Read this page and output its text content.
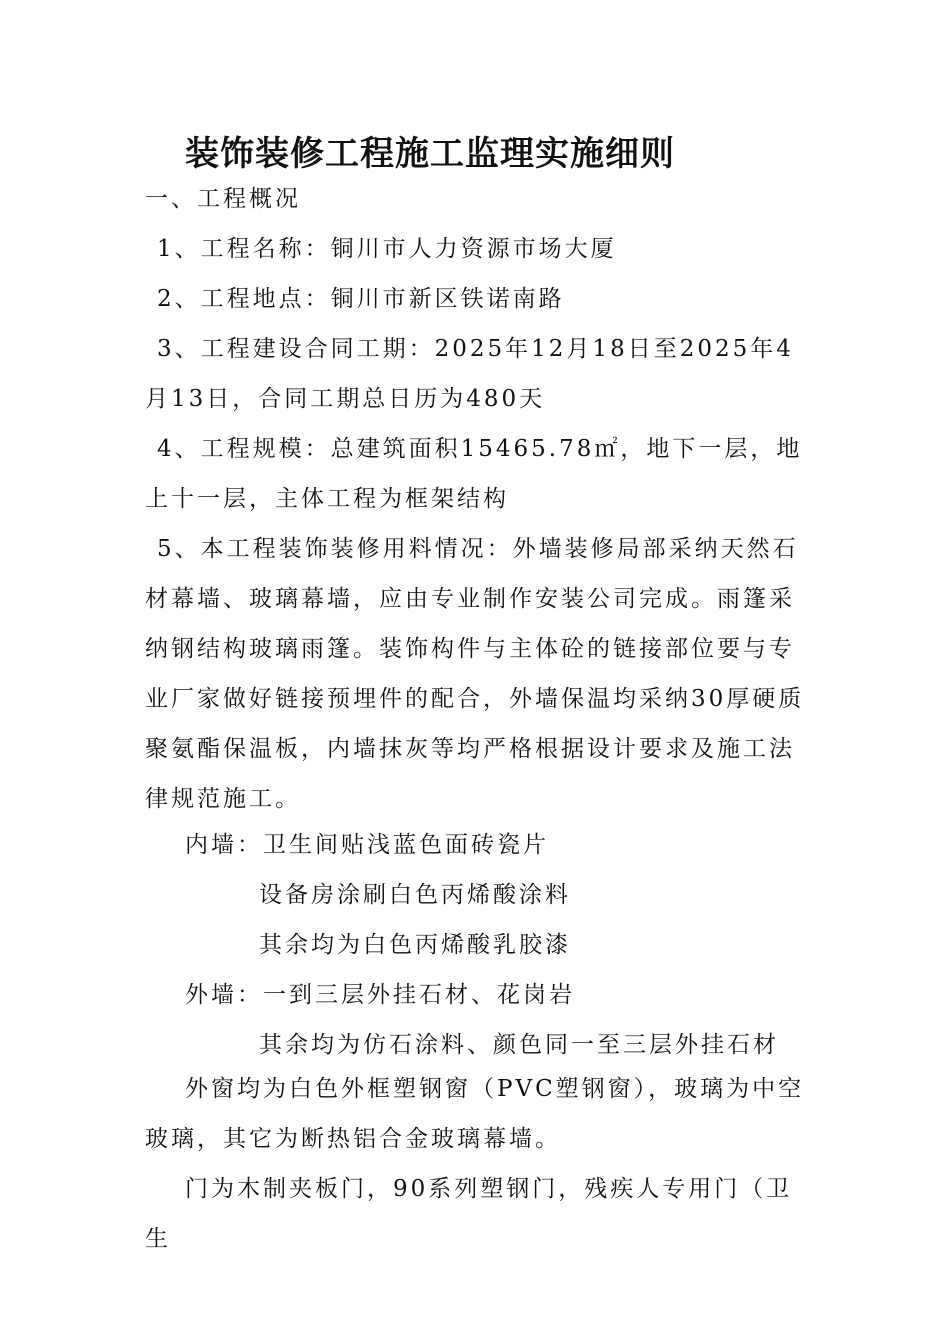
装饰装修工程施工监理实施细则
一、工程概况
1、工程名称：铜川市人力资源市场大厦
2、工程地点：铜川市新区铁诺南路

3、工程建设合同工期：2025年12月18日至2025年4月13日，合同工期总日历为480天

4、工程规模：总建筑面积15465.78㎡，地下一层，地上十一层，主体工程为框架结构

5、本工程装饰装修用料情况：外墙装修局部采纳天然石材幕墙、玻璃幕墙，应由专业制作安装公司完成。雨篷采纳钢结构玻璃雨篷。装饰构件与主体砼的链接部位要与专业厂家做好链接预埋件的配合，外墙保温均采纳30厚硬质聚氨酯保温板，内墙抹灰等均严格根据设计要求及施工法律规范施工。

内墙：卫生间贴浅蓝色面砖瓷片
设备房涂刷白色丙烯酸涂料
其余均为白色丙烯酸乳胶漆
外墙：一到三层外挂石材、花岗岩
其余均为仿石涂料、颜色同一至三层外挂石材

外窗均为白色外框塑钢窗（PVC塑钢窗），玻璃为中空玻璃，其它为断热铝合金玻璃幕墙。

门为木制夹板门，90系列塑钢门，残疾人专用门（卫生
